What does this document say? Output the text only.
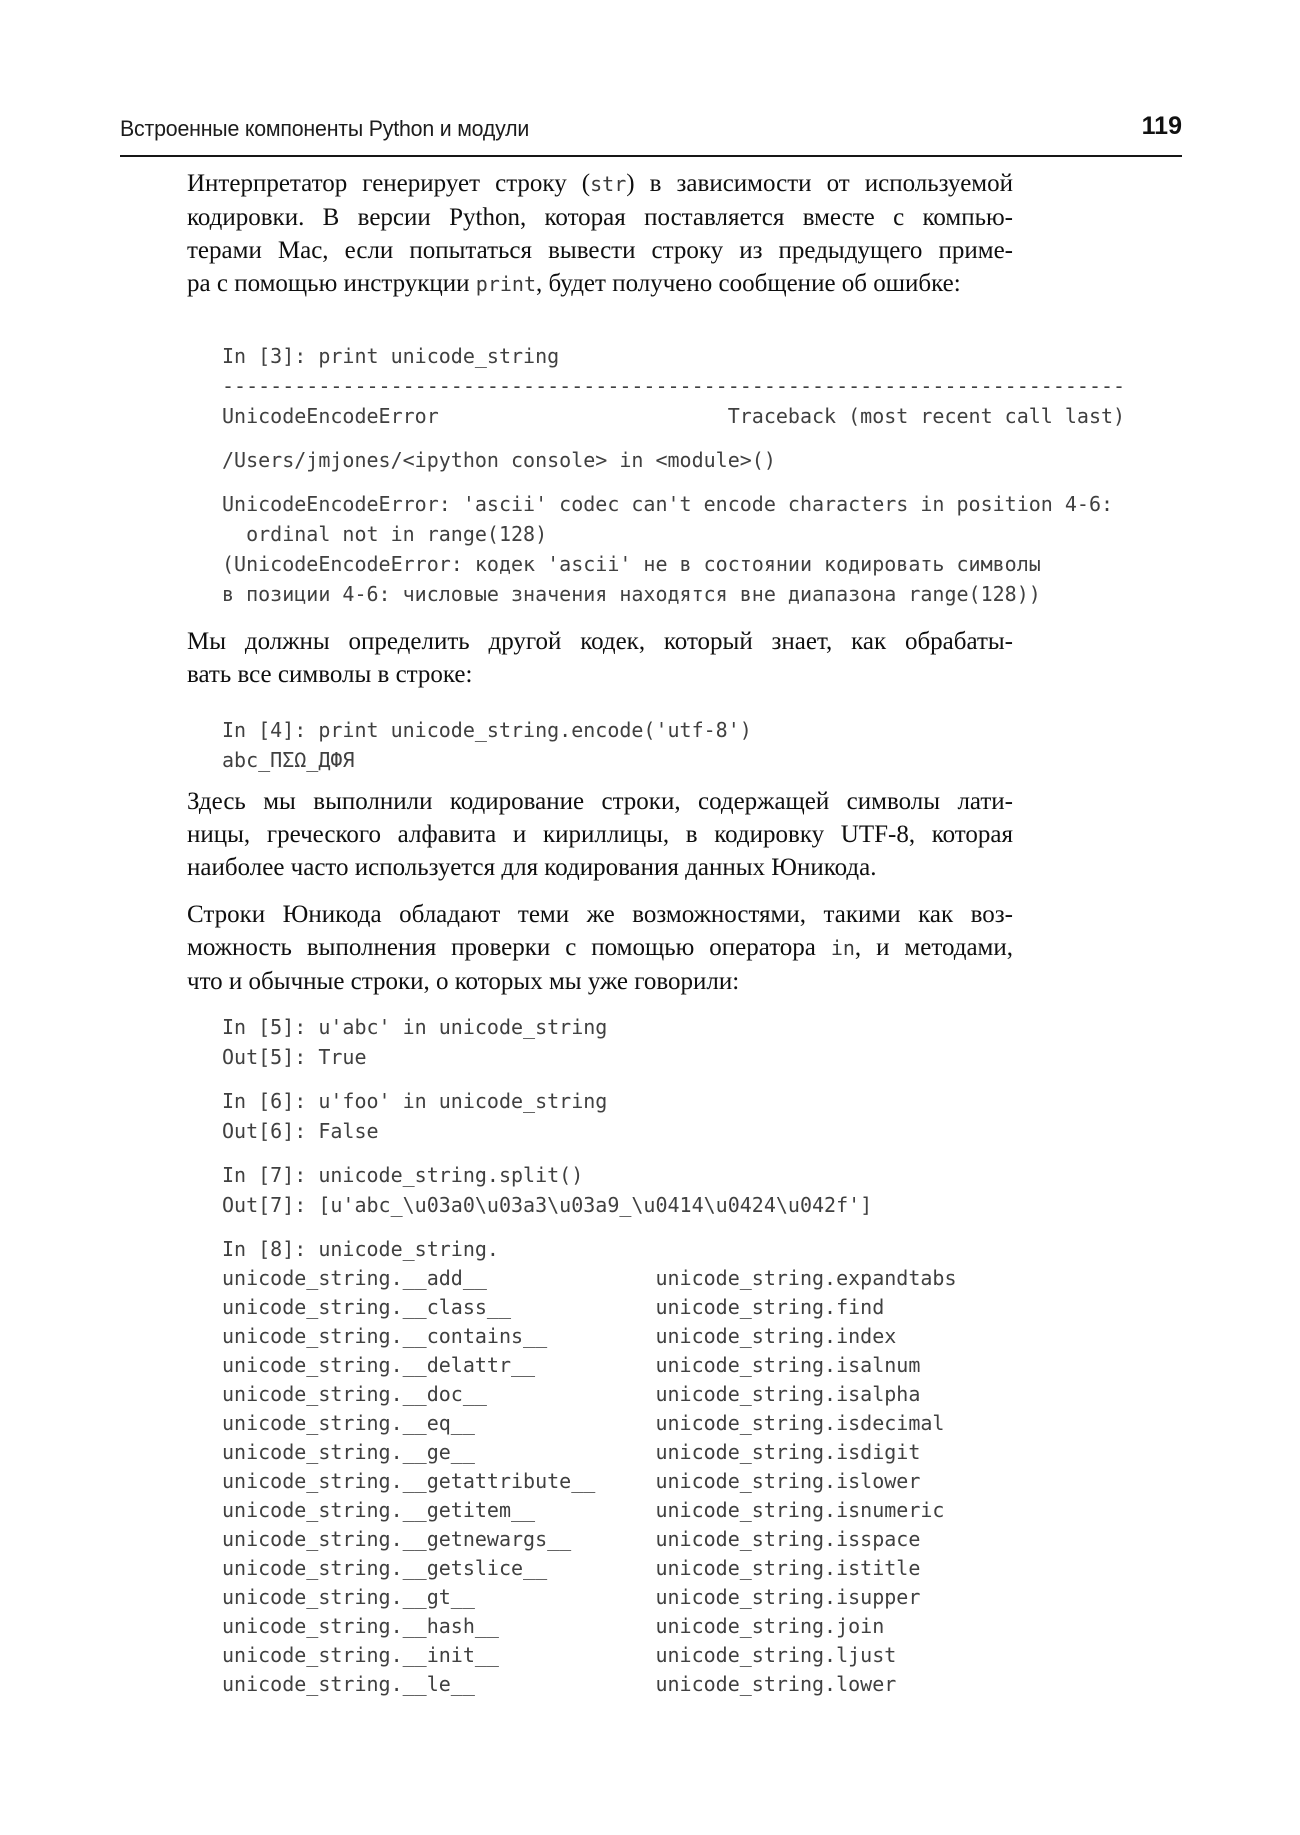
Встроенные компоненты Python и модули	119
Интерпретатор генерирует строку (str) в зависимости от используемой
кодировки. В версии Python, которая поставляется вместе с компью-
терами Mac, если попытаться вывести строку из предыдущего приме-
ра с помощью инструкции print, будет получено сообщение об ошибке:
In [3]: print unicode_string
---------------------------------------------------------------------------
UnicodeEncodeError                        Traceback (most recent call last)
/Users/jmjones/<ipython console> in <module>()
UnicodeEncodeError: 'ascii' codec can't encode characters in position 4-6:
ordinal not in range(128)
(UnicodeEncodeError: кодек 'ascii' не в состоянии кодировать символы
в позиции 4-6: числовые значения находятся вне диапазона range(128))
Мы должны определить другой кодек, который знает, как обрабаты-
вать все символы в строке:
In [4]: print unicode_string.encode('utf-8')
abc_ΠΣΩ_ДФЯ
Здесь мы выполнили кодирование строки, содержащей символы лати-
ницы, греческого алфавита и кириллицы, в кодировку UTF-8, которая
наиболее часто используется для кодирования данных Юникода.
Строки Юникода обладают теми же возможностями, такими как воз-
можность выполнения проверки с помощью оператора in, и методами,
что и обычные строки, о которых мы уже говорили:
In [5]: u'abc' in unicode_string
Out[5]: True
In [6]: u'foo' in unicode_string
Out[6]: False
In [7]: unicode_string.split()
Out[7]: [u'abc_\u03a0\u03a3\u03a9_\u0414\u0424\u042f']
In [8]: unicode_string.
unicode_string.__add__	unicode_string.expandtabs
unicode_string.__class__	unicode_string.find
unicode_string.__contains__	unicode_string.index
unicode_string.__delattr__	unicode_string.isalnum
unicode_string.__doc__	unicode_string.isalpha
unicode_string.__eq__	unicode_string.isdecimal
unicode_string.__ge__	unicode_string.isdigit
unicode_string.__getattribute__	unicode_string.islower
unicode_string.__getitem__	unicode_string.isnumeric
unicode_string.__getnewargs__	unicode_string.isspace
unicode_string.__getslice__	unicode_string.istitle
unicode_string.__gt__	unicode_string.isupper
unicode_string.__hash__	unicode_string.join
unicode_string.__init__	unicode_string.ljust
unicode_string.__le__	unicode_string.lower
